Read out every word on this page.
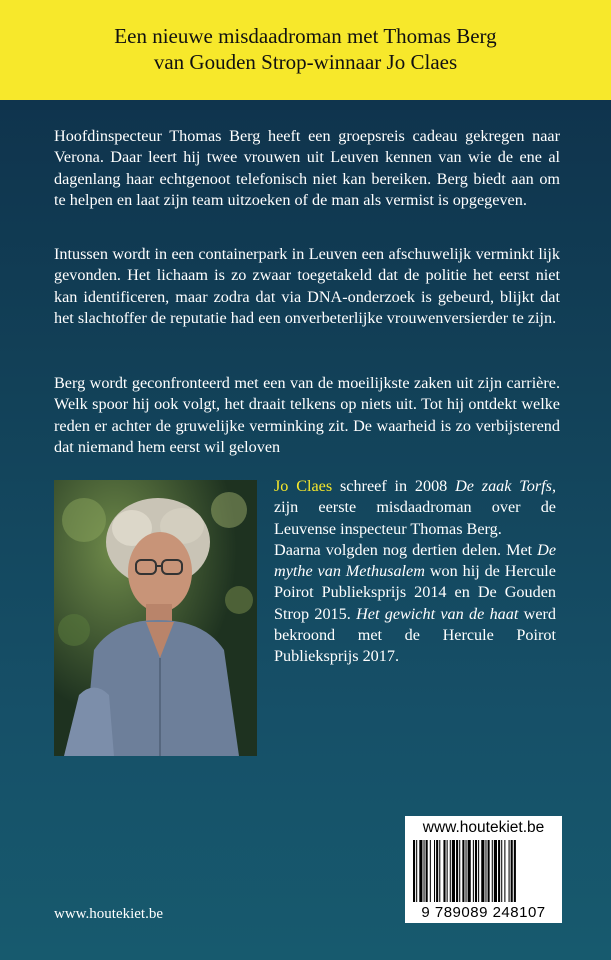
Een nieuwe misdaadroman met Thomas Berg
van Gouden Strop-winnaar Jo Claes

Hoofdinspecteur Thomas Berg heeft een groepsreis cadeau gekregen naar Verona. Daar leert hij twee vrouwen uit Leuven kennen van wie de ene al dagenlang haar echtgenoot telefonisch niet kan bereiken. Berg biedt aan om te helpen en laat zijn team uitzoeken of de man als vermist is opgegeven.

Intussen wordt in een containerpark in Leuven een afschuwelijk verminkt lijk gevonden. Het lichaam is zo zwaar toegetakeld dat de politie het eerst niet kan identificeren, maar zodra dat via DNA-onderzoek is gebeurd, blijkt dat het slachtoffer de reputatie had een onverbeterlijke vrouwenversierder te zijn.

Berg wordt geconfronteerd met een van de moeilijkste zaken uit zijn carrière. Welk spoor hij ook volgt, het draait telkens op niets uit. Tot hij ontdekt welke reden er achter de gruwelijke verminking zit. De waarheid is zo verbijsterend dat niemand hem eerst wil geloven

Jo Claes schreef in 2008 De zaak Torfs, zijn eerste misdaadroman over de Leuvense inspecteur Thomas Berg.

Daarna volgden nog dertien delen. Met De mythe van Methusalem won hij de Hercule Poirot Publieksprijs 2014 en De Gouden Strop 2015. Het gewicht van de haat werd bekroond met de Hercule Poirot Publieksprijs 2017.

www.houtekiet.be
9 789089 248107
www.houtekiet.be
